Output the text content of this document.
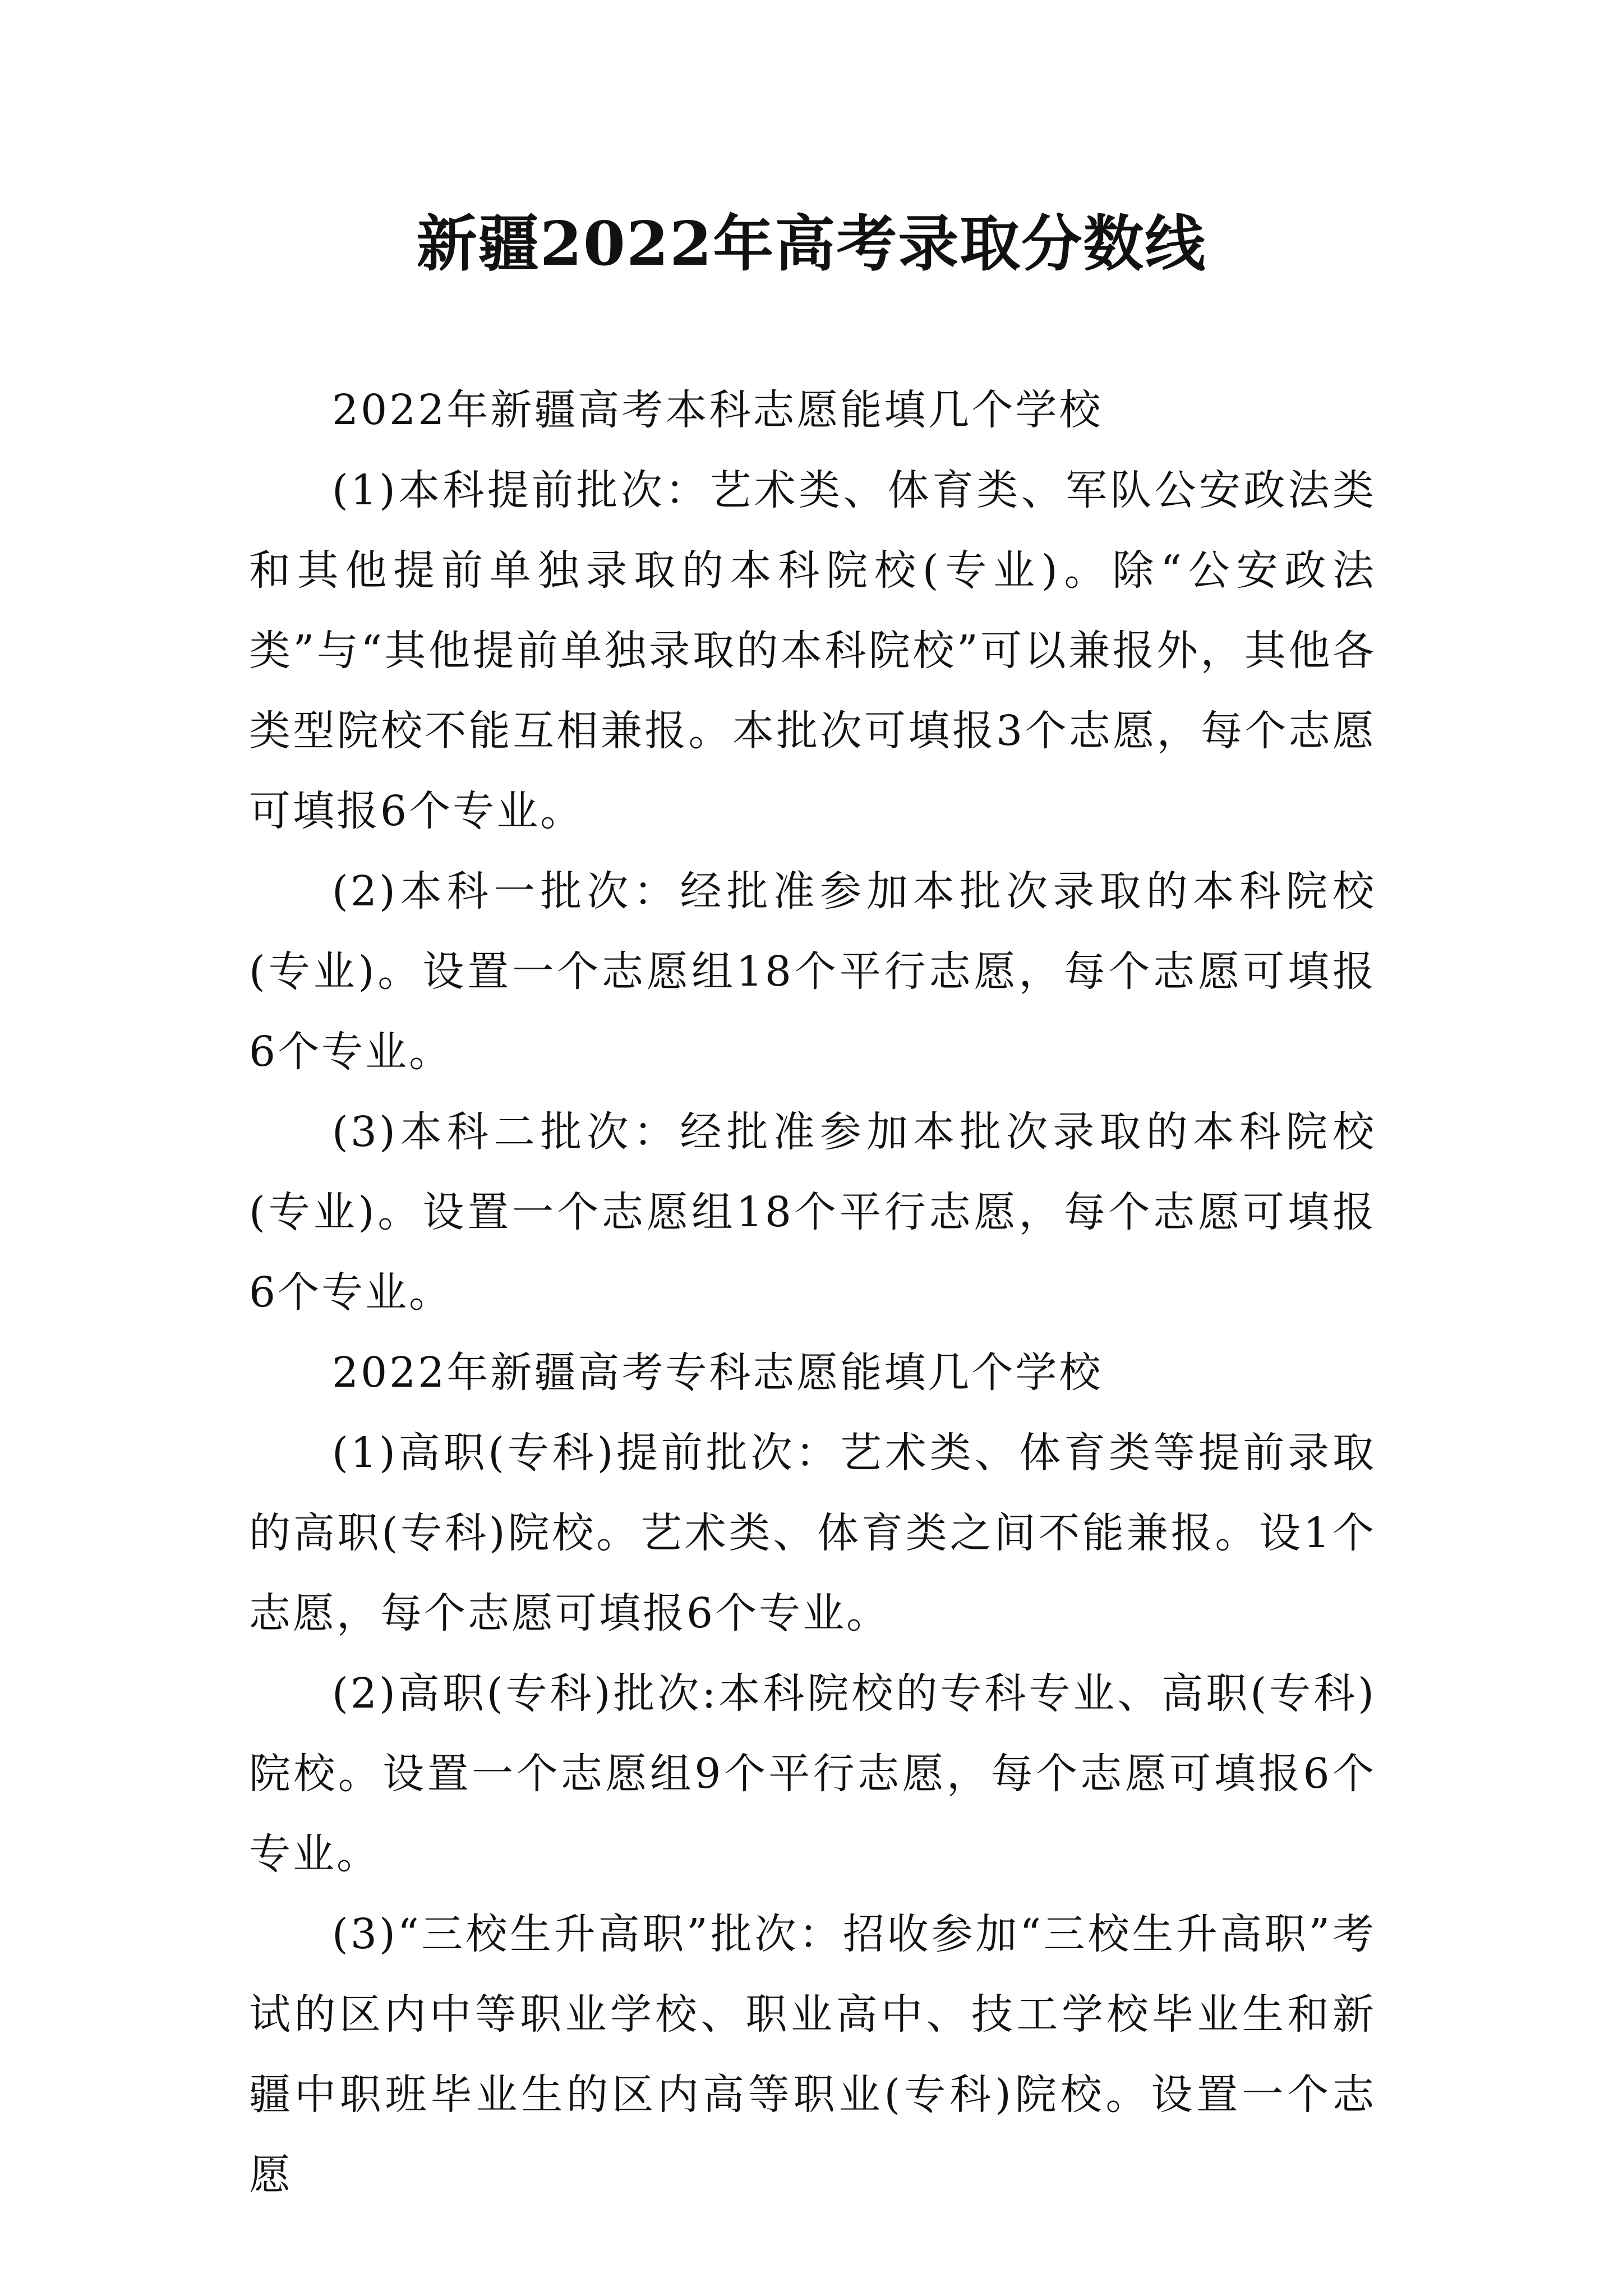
新疆2022年高考录取分数线

2022年新疆高考本科志愿能填几个学校

(1)本科提前批次：艺术类、体育类、军队公安政法类和其他提前单独录取的本科院校(专业)。除“公安政法类”与“其他提前单独录取的本科院校”可以兼报外，其他各类型院校不能互相兼报。本批次可填报3个志愿，每个志愿可填报6个专业。

(2)本科一批次：经批准参加本批次录取的本科院校(专业)。设置一个志愿组18个平行志愿，每个志愿可填报6个专业。

(3)本科二批次：经批准参加本批次录取的本科院校(专业)。设置一个志愿组18个平行志愿，每个志愿可填报6个专业。

2022年新疆高考专科志愿能填几个学校

(1)高职(专科)提前批次：艺术类、体育类等提前录取的高职(专科)院校。艺术类、体育类之间不能兼报。设1个志愿，每个志愿可填报6个专业。

(2)高职(专科)批次:本科院校的专科专业、高职(专科)院校。设置一个志愿组9个平行志愿，每个志愿可填报6个专业。

(3)“三校生升高职”批次：招收参加“三校生升高职”考试的区内中等职业学校、职业高中、技工学校毕业生和新疆中职班毕业生的区内高等职业(专科)院校。设置一个志愿
